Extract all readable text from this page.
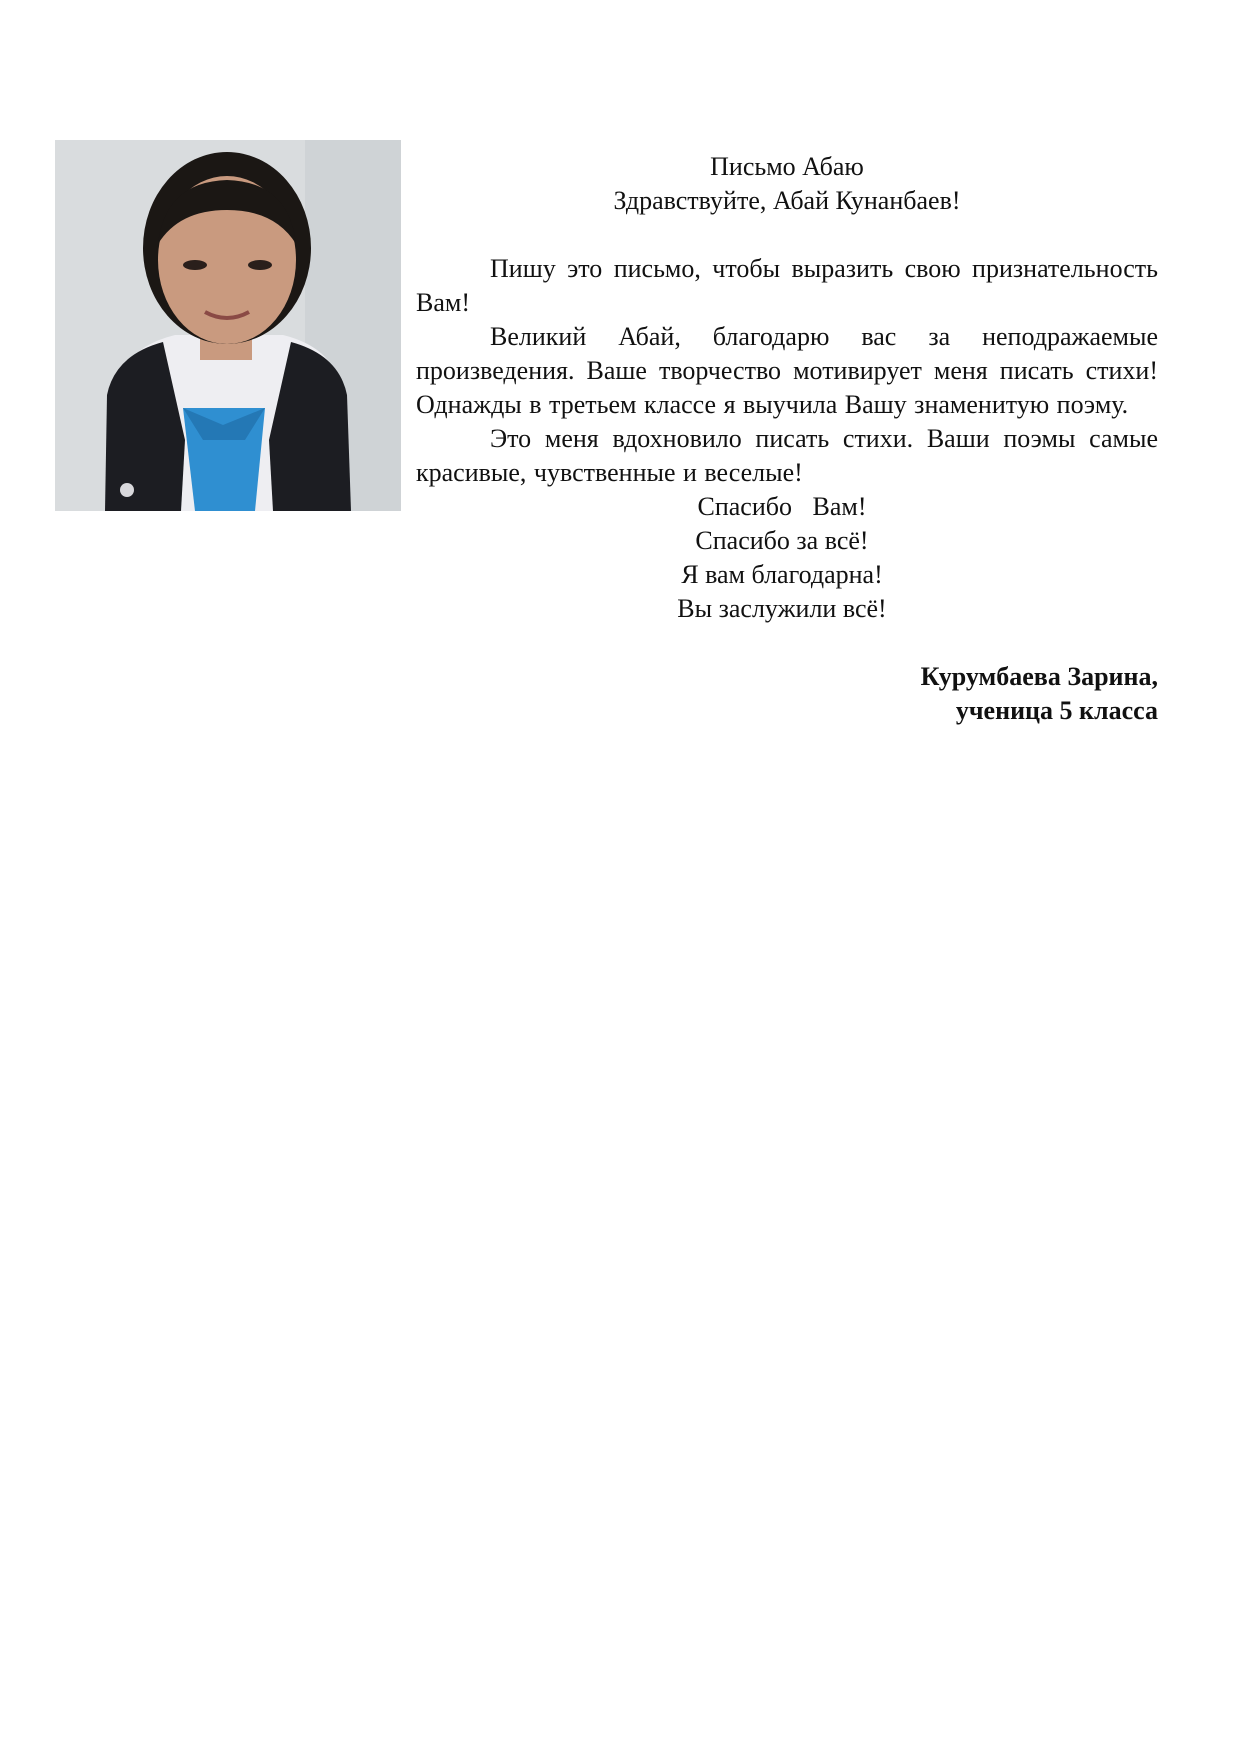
Письмо Абаю

Здравствуйте, Абай Кунанбаев!

Пишу это письмо, чтобы выразить свою признательность Вам!

Великий Абай, благодарю вас за неподражаемые произведения. Ваше творчество мотивирует меня писать стихи! Однажды в третьем классе я выучила Вашу знаменитую поэму.

Это меня вдохновило писать стихи. Ваши поэмы самые красивые, чувственные и веселые!

Спасибо Вам!

Спасибо за всё!

Я вам благодарна!

Вы заслужили всё!

Курумбаева Зарина,
ученица 5 класса
